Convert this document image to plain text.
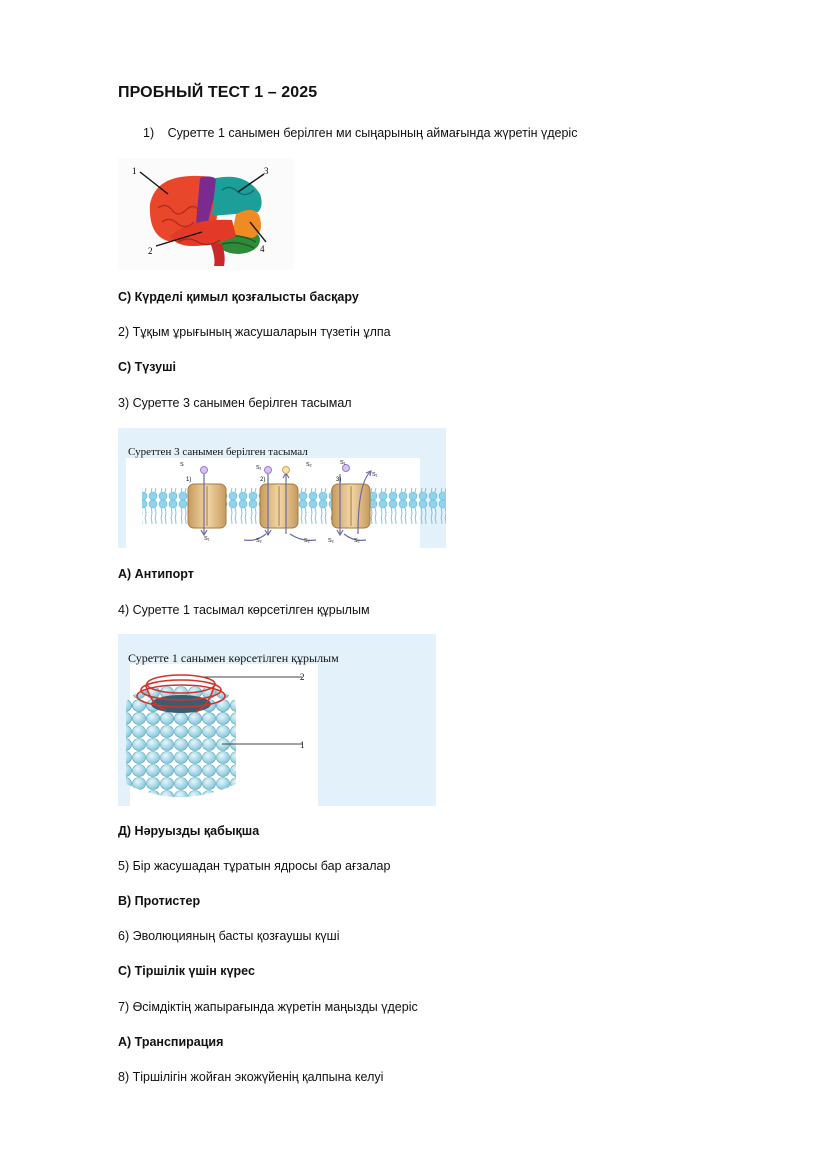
ПРОБНЫЙ ТЕСТ 1 – 2025
1) Суретте 1 санымен берілген ми сыңарының аймағында жүретін үдеріс
1
2
3
4
С) Күрделі қимыл қозғалысты басқару
2) Тұқым ұрығының жасушаларын түзетін ұлпа
С) Түзуші
3) Суретте 3 санымен берілген тасымал
Суреттен 3 санымен берілген тасымал
1)	2)	3)
S	S₁	S₂	S₁
S₁
S₁	S₂	S₂	S₂	S₂
А) Антипорт
4) Суретте 1 тасымал көрсетілген құрылым
Суретте 1 санымен көрсетілген құрылым
2
1
Д) Нәруызды қабықша
5) Бір жасушадан тұратын ядросы бар ағзалар
В) Протистер
6) Эволюцияның басты қозғаушы күші
С) Тіршілік үшін күрес
7) Өсімдіктің жапырағында жүретін маңызды үдеріс
А) Транспирация
8) Тіршілігін жойған экожүйенің қалпына келуі
